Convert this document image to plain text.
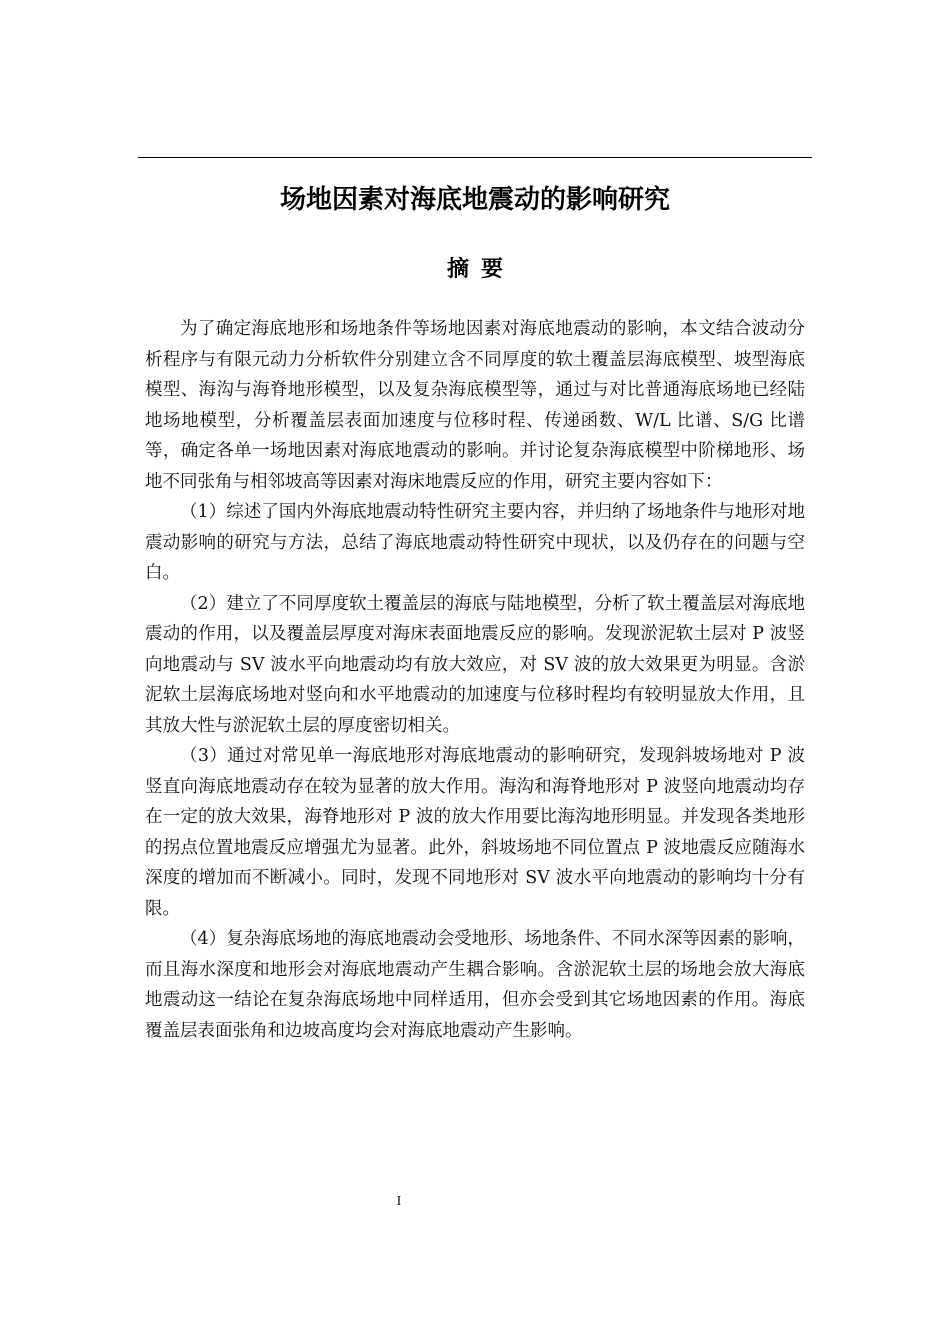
场地因素对海底地震动的影响研究
摘要

为了确定海底地形和场地条件等场地因素对海底地震动的影响，本文结合波动分析程序与有限元动力分析软件分别建立含不同厚度的软土覆盖层海底模型、坡型海底模型、海沟与海脊地形模型，以及复杂海底模型等，通过与对比普通海底场地已经陆地场地模型，分析覆盖层表面加速度与位移时程、传递函数、W/L 比谱、S/G 比谱等，确定各单一场地因素对海底地震动的影响。并讨论复杂海底模型中阶梯地形、场地不同张角与相邻坡高等因素对海床地震反应的作用，研究主要内容如下：

（1）综述了国内外海底地震动特性研究主要内容，并归纳了场地条件与地形对地震动影响的研究与方法，总结了海底地震动特性研究中现状，以及仍存在的问题与空白。

（2）建立了不同厚度软土覆盖层的海底与陆地模型，分析了软土覆盖层对海底地震动的作用，以及覆盖层厚度对海床表面地震反应的影响。发现淤泥软土层对 P 波竖向地震动与 SV 波水平向地震动均有放大效应，对 SV 波的放大效果更为明显。含淤泥软土层海底场地对竖向和水平地震动的加速度与位移时程均有较明显放大作用，且其放大性与淤泥软土层的厚度密切相关。

（3）通过对常见单一海底地形对海底地震动的影响研究，发现斜坡场地对 P 波竖直向海底地震动存在较为显著的放大作用。海沟和海脊地形对 P 波竖向地震动均存在一定的放大效果，海脊地形对 P 波的放大作用要比海沟地形明显。并发现各类地形的拐点位置地震反应增强尤为显著。此外，斜坡场地不同位置点 P 波地震反应随海水深度的增加而不断减小。同时，发现不同地形对 SV 波水平向地震动的影响均十分有限。

（4）复杂海底场地的海底地震动会受地形、场地条件、不同水深等因素的影响，而且海水深度和地形会对海底地震动产生耦合影响。含淤泥软土层的场地会放大海底地震动这一结论在复杂海底场地中同样适用，但亦会受到其它场地因素的作用。海底覆盖层表面张角和边坡高度均会对海底地震动产生影响。

I
